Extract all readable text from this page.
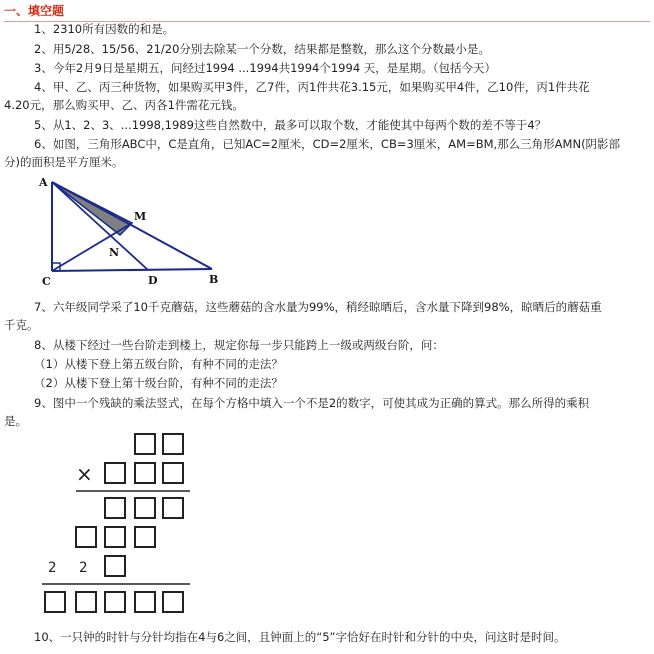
一、填空题
1、2310所有因数的和是。
2、用5/28、15/56、21/20分别去除某一个分数，结果都是整数，那么这个分数最小是。
3、今年2月9日是星期五，问经过1994 ...1994共1994个1994 天，是星期。（包括今天）
4、甲、乙、丙三种货物，如果购买甲3件，乙7件，丙1件共花3.15元，如果购买甲4件，乙10件，丙1件共花
4.20元，那么购买甲、乙、丙各1件需花元钱。
5、从1、2、3、...1998,1989这些自然数中，最多可以取个数，才能使其中每两个数的差不等于4？
6、如图，三角形ABC中，C是直角，已知AC=2厘米，CD=2厘米，CB=3厘米，AM=BM,那么三角形AMN(阴影部
分)的面积是平方厘米。
A
M
N
C	D	B
7、六年级同学采了10千克蘑菇，这些蘑菇的含水量为99%，稍经晾晒后，含水量下降到98%，晾晒后的蘑菇重
千克。
8、从楼下经过一些台阶走到楼上，规定你每一步只能跨上一级或两级台阶，问：
（1）从楼下登上第五级台阶，有种不同的走法？
（2）从楼下登上第十级台阶，有种不同的走法？
9、图中一个残缺的乘法竖式，在每个方格中填入一个不是2的数字，可使其成为正确的算式。那么所得的乘积
是。
×
2 2
10、一只钟的时针与分针均指在4与6之间，且钟面上的“5”字恰好在时针和分针的中央，问这时是时间。
